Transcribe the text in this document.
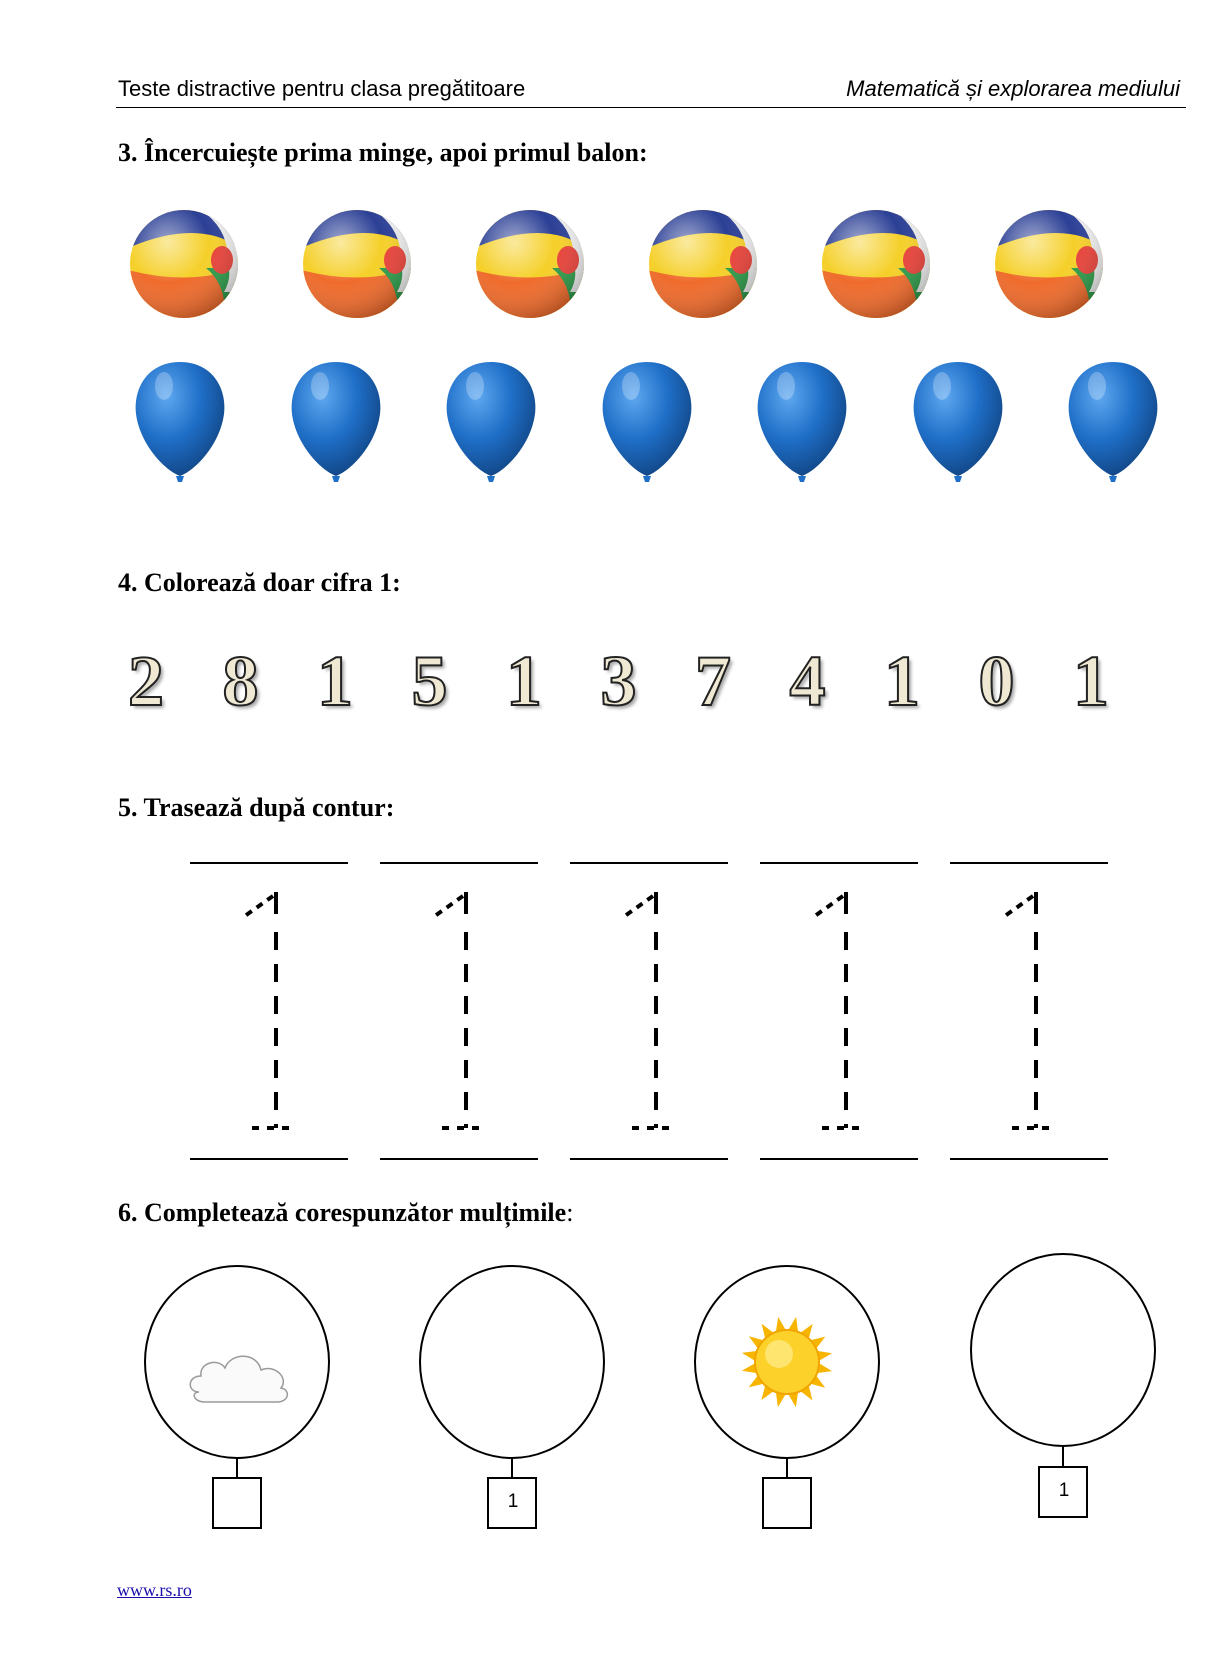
Teste distractive pentru clasa pregătitoare	Matematică și explorarea mediului
3. Încercuiește prima minge, apoi primul balon:
4. Colorează doar cifra 1:
2 8 1 5 1 3 7 4 1 0 1
5. Trasează după contur:
6. Completează corespunzător mulțimile:
1
1
www.rs.ro
